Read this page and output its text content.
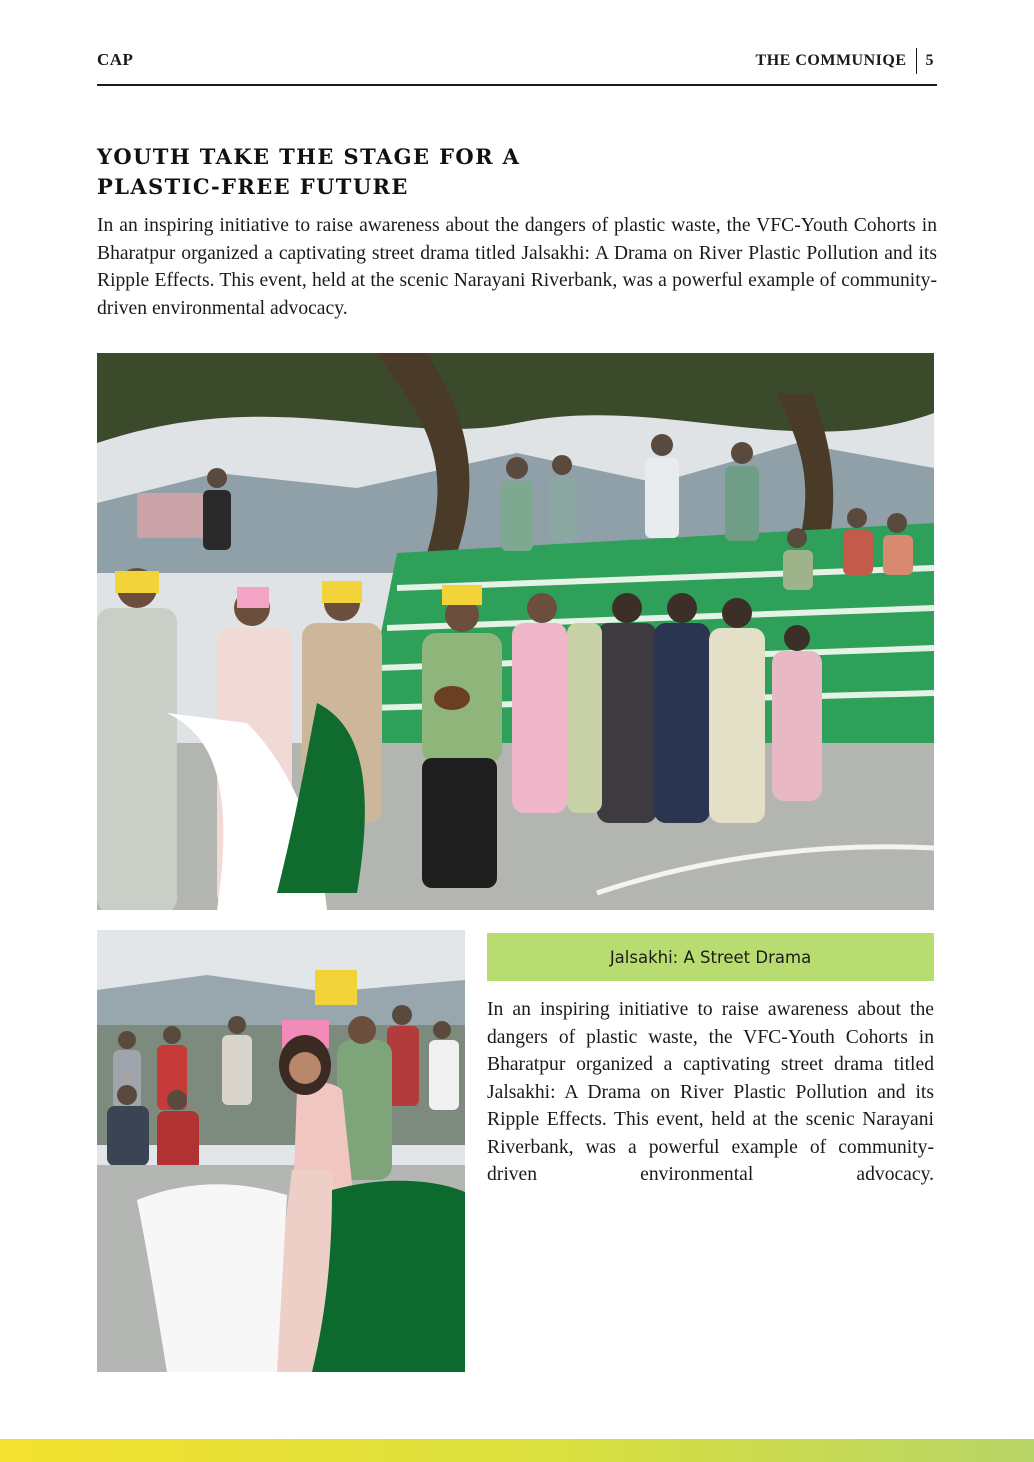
CAP	THE COMMUNIQE 5
YOUTH TAKE THE STAGE FOR A
PLASTIC-FREE FUTURE

In an inspiring initiative to raise awareness about the dangers of plastic waste, the VFC-Youth Cohorts in Bharatpur organized a captivating street drama titled Jalsakhi: A Drama on River Plastic Pollution and its Ripple Effects. This event, held at the scenic Narayani Riverbank, was a powerful example of community-driven environmental advocacy.

Jalsakhi: A Street Drama

In an inspiring initiative to raise awareness about the dangers of plastic waste, the VFC-Youth Cohorts in Bharatpur organized a captivating street drama titled Jalsakhi: A Drama on River Plastic Pollution and its Ripple Effects. This event, held at the scenic Narayani Riverbank, was a powerful example of community-driven environmental advocacy.
